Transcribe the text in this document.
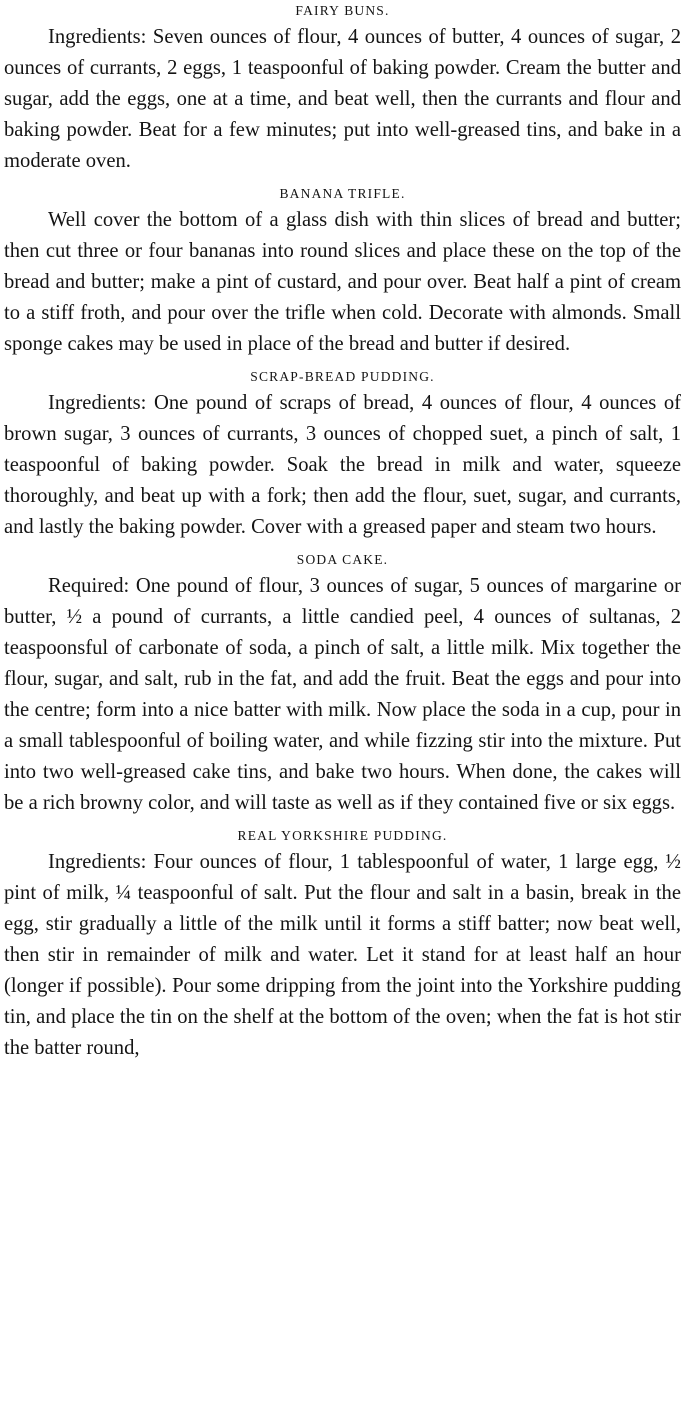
FAIRY BUNS.

Ingredients: Seven ounces of flour, 4 ounces of butter, 4 ounces of sugar, 2 ounces of currants, 2 eggs, 1 teaspoonful of baking powder. Cream the butter and sugar, add the eggs, one at a time, and beat well, then the currants and flour and baking powder. Beat for a few minutes; put into well-greased tins, and bake in a moderate oven.

BANANA TRIFLE.

Well cover the bottom of a glass dish with thin slices of bread and butter; then cut three or four bananas into round slices and place these on the top of the bread and butter; make a pint of custard, and pour over. Beat half a pint of cream to a stiff froth, and pour over the trifle when cold. Decorate with almonds. Small sponge cakes may be used in place of the bread and butter if desired.

SCRAP-BREAD PUDDING.

Ingredients: One pound of scraps of bread, 4 ounces of flour, 4 ounces of brown sugar, 3 ounces of currants, 3 ounces of chopped suet, a pinch of salt, 1 teaspoonful of baking powder. Soak the bread in milk and water, squeeze thoroughly, and beat up with a fork; then add the flour, suet, sugar, and currants, and lastly the baking powder. Cover with a greased paper and steam two hours.

SODA CAKE.

Required: One pound of flour, 3 ounces of sugar, 5 ounces of margarine or butter, ½ a pound of currants, a little candied peel, 4 ounces of sultanas, 2 teaspoonsful of carbonate of soda, a pinch of salt, a little milk. Mix together the flour, sugar, and salt, rub in the fat, and add the fruit. Beat the eggs and pour into the centre; form into a nice batter with milk. Now place the soda in a cup, pour in a small tablespoonful of boiling water, and while fizzing stir into the mixture. Put into two well-greased cake tins, and bake two hours. When done, the cakes will be a rich browny color, and will taste as well as if they contained five or six eggs.

REAL YORKSHIRE PUDDING.

Ingredients: Four ounces of flour, 1 tablespoonful of water, 1 large egg, ½ pint of milk, ¼ teaspoonful of salt. Put the flour and salt in a basin, break in the egg, stir gradually a little of the milk until it forms a stiff batter; now beat well, then stir in remainder of milk and water. Let it stand for at least half an hour (longer if possible). Pour some dripping from the joint into the Yorkshire pudding tin, and place the tin on the shelf at the bottom of the oven; when the fat is hot stir the batter round,
